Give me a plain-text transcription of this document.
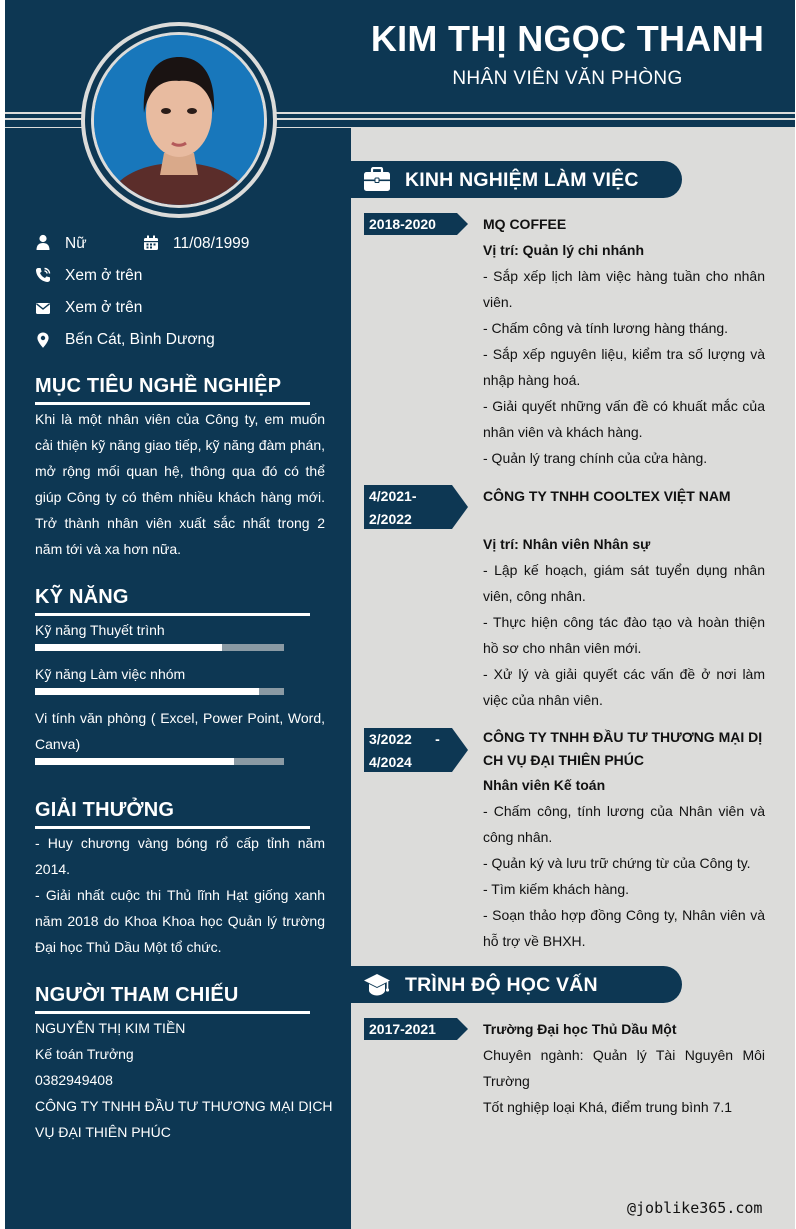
KIM THỊ NGỌC THANH
NHÂN VIÊN VĂN PHÒNG
Nữ	11/08/1999
Xem ở trên
Xem ở trên
Bến Cát, Bình Dương
MỤC TIÊU NGHỀ NGHIỆP
Khi là một nhân viên của Công ty, em muốn cải thiện kỹ năng giao tiếp, kỹ năng đàm phán, mở rộng mối quan hệ, thông qua đó có thể giúp Công ty có thêm nhiều khách hàng mới. Trở thành nhân viên xuất sắc nhất trong 2 năm tới và xa hơn nữa.
KỸ NĂNG
Kỹ năng Thuyết trình
Kỹ năng Làm việc nhóm
Vi tính văn phòng ( Excel, Power Point, Word, Canva)
GIẢI THƯỞNG
- Huy chương vàng bóng rổ cấp tỉnh năm 2014.
- Giải nhất cuộc thi Thủ lĩnh Hạt giống xanh năm 2018 do Khoa Khoa học Quản lý trường Đại học Thủ Dầu Một tổ chức.
NGƯỜI THAM CHIẾU
NGUYỄN THỊ KIM TIỀN
Kế toán Trưởng
0382949408
CÔNG TY TNHH ĐẦU TƯ THƯƠNG MẠI DỊCH VỤ ĐẠI THIÊN PHÚC
KINH NGHIỆM LÀM VIỆC
2018-2020	MQ COFFEE
Vị trí: Quản lý chi nhánh
- Sắp xếp lịch làm việc hàng tuần cho nhân viên.
- Chấm công và tính lương hàng tháng.
- Sắp xếp nguyên liệu, kiểm tra số lượng và nhập hàng hoá.
- Giải quyết những vấn đề có khuất mắc của nhân viên và khách hàng.
- Quản lý trang chính của cửa hàng.
4/2021-
2/2022
CÔNG TY TNHH COOLTEX VIỆT NAM
Vị trí: Nhân viên Nhân sự
- Lập kế hoạch, giám sát tuyển dụng nhân viên, công nhân.
- Thực hiện công tác đào tạo và hoàn thiện hồ sơ cho nhân viên mới.
- Xử lý và giải quyết các vấn đề ở nơi làm việc của nhân viên.
3/2022      -
4/2024
CÔNG TY TNHH ĐẦU TƯ THƯƠNG MẠI DỊCH VỤ ĐẠI THIÊN PHÚC
Nhân viên Kế toán
- Chấm công, tính lương của Nhân viên và công nhân.
- Quản ký và lưu trữ chứng từ của Công ty.
- Tìm kiếm khách hàng.
- Soạn thảo hợp đồng Công ty, Nhân viên và hỗ trợ về BHXH.
TRÌNH ĐỘ HỌC VẤN
2017-2021	Trường Đại học Thủ Dầu Một
Chuyên ngành: Quản lý Tài Nguyên Môi Trường
Tốt nghiệp loại Khá, điểm trung bình 7.1
@joblike365.com
